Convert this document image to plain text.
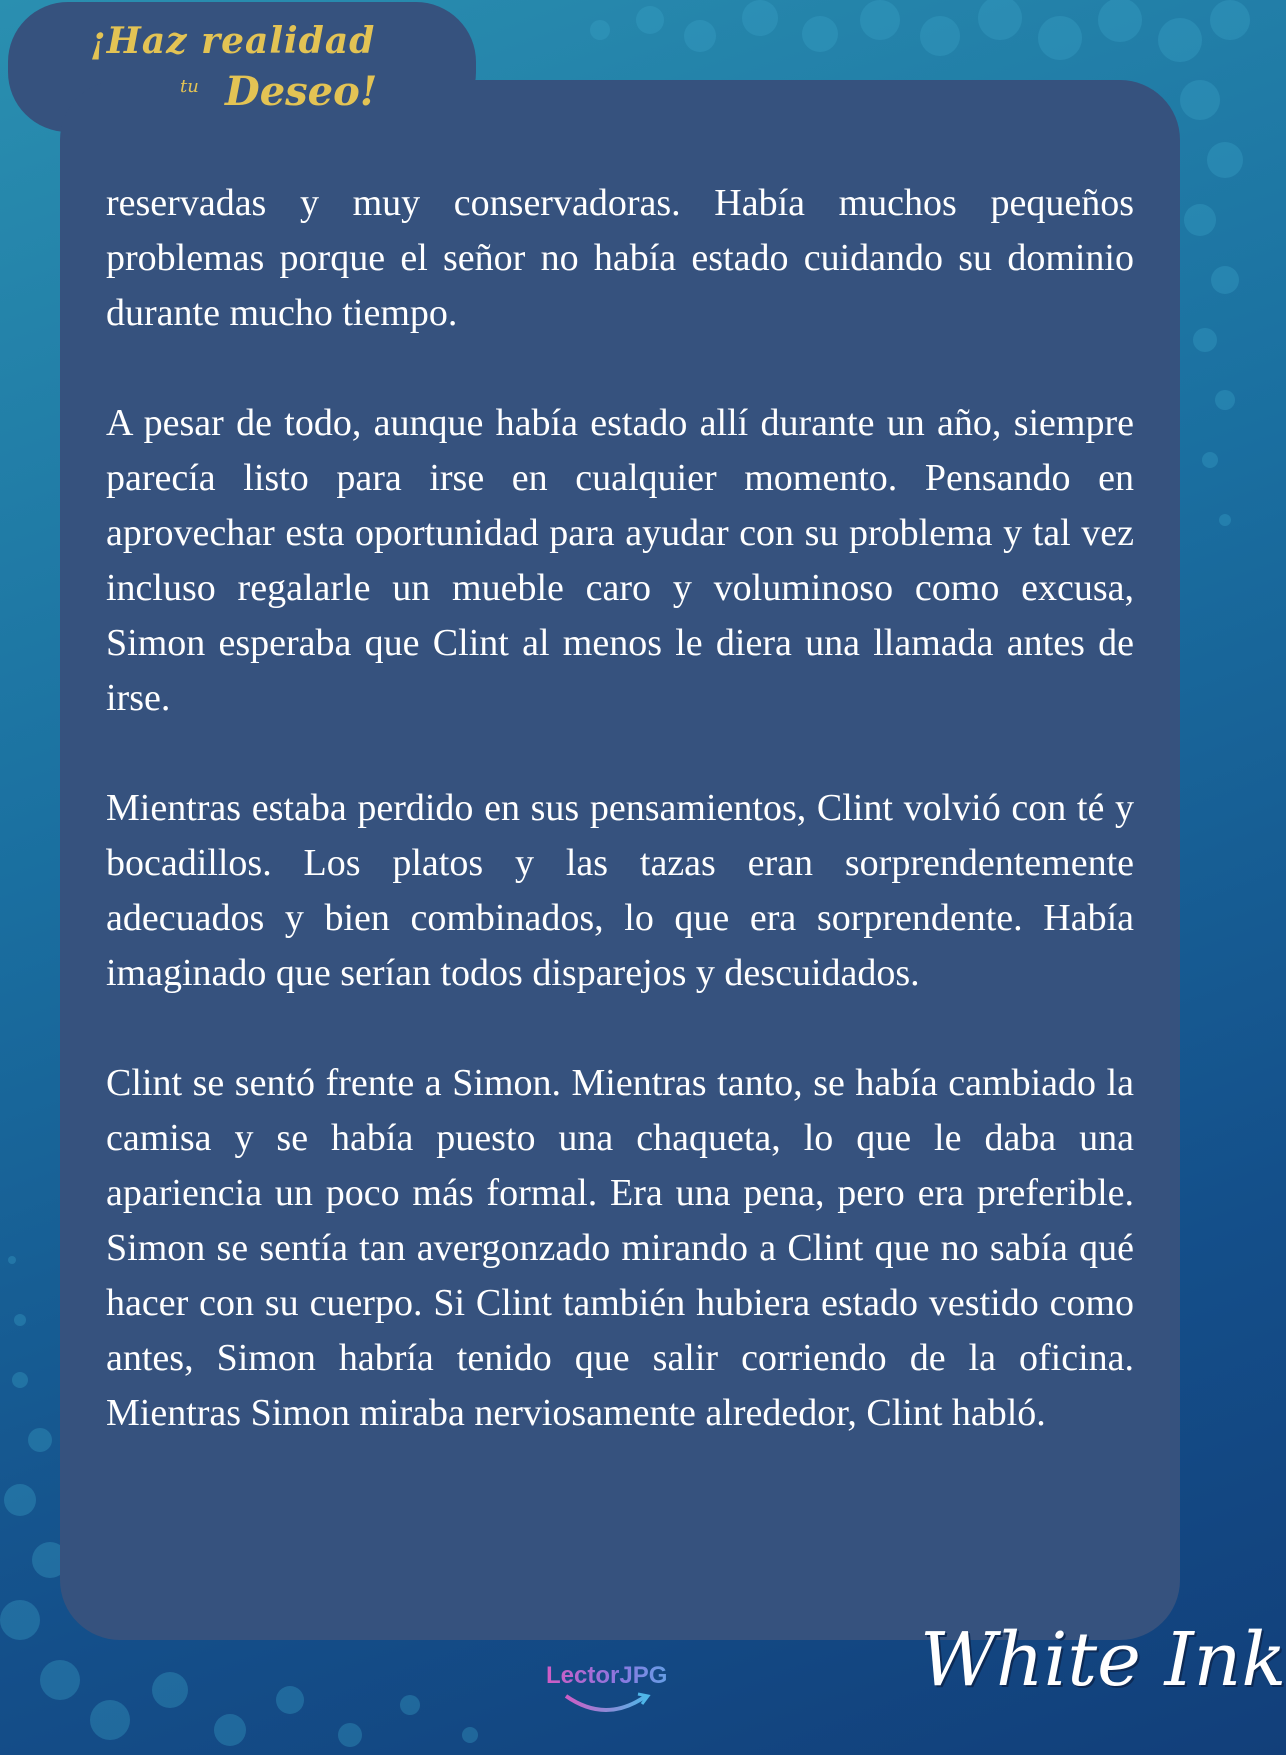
¡Haz realidad
tu Deseo!

reservadas y muy conservadoras. Había muchos pequeños problemas porque el señor no había estado cuidando su dominio durante mucho tiempo.

A pesar de todo, aunque había estado allí durante un año, siempre parecía listo para irse en cualquier momento. Pensando en aprovechar esta oportunidad para ayudar con su problema y tal vez incluso regalarle un mueble caro y voluminoso como excusa, Simon esperaba que Clint al menos le diera una llamada antes de irse.

Mientras estaba perdido en sus pensamientos, Clint volvió con té y bocadillos. Los platos y las tazas eran sorprendentemente adecuados y bien combinados, lo que era sorprendente. Había imaginado que serían todos disparejos y descuidados.

Clint se sentó frente a Simon. Mientras tanto, se había cambiado la camisa y se había puesto una chaqueta, lo que le daba una apariencia un poco más formal. Era una pena, pero era preferible. Simon se sentía tan avergonzado mirando a Clint que no sabía qué hacer con su cuerpo. Si Clint también hubiera estado vestido como antes, Simon habría tenido que salir corriendo de la oficina. Mientras Simon miraba nerviosamente alrededor, Clint habló.

LectorJPG	White Ink
